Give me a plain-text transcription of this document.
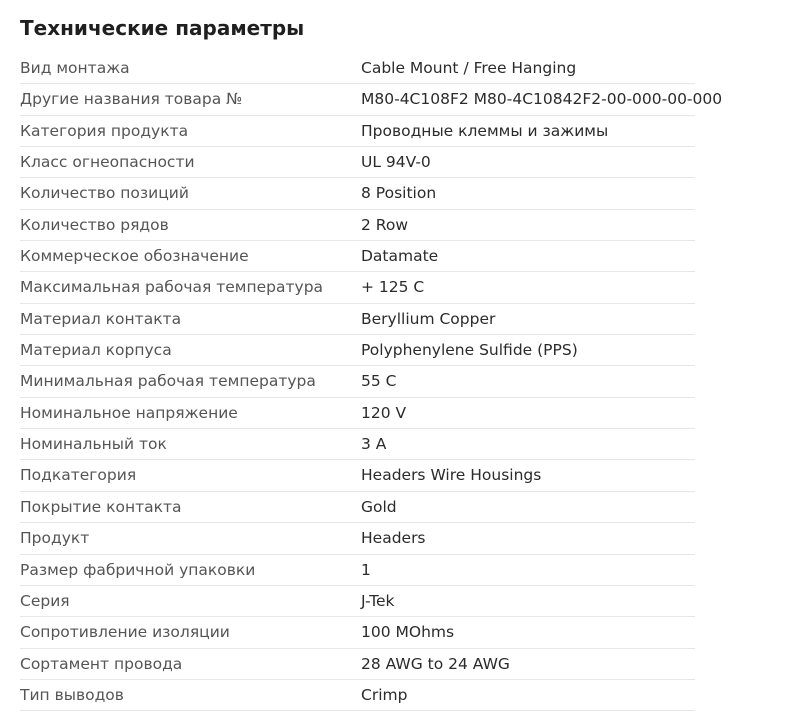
Технические параметры
Вид монтажа	Cable Mount / Free Hanging
Другие названия товара №	M80-4C108F2 M80-4C10842F2-00-000-00-000
Категория продукта	Проводные клеммы и зажимы
Класс огнеопасности	UL 94V-0
Количество позиций	8 Position
Количество рядов	2 Row
Коммерческое обозначение	Datamate
Максимальная рабочая температура + 125 C
Материал контакта	Beryllium Copper
Материал корпуса	Polyphenylene Sulfide (PPS)
Минимальная рабочая температура	55 C
Номинальное напряжение	120 V
Номинальный ток	3 A
Подкатегория	Headers Wire Housings
Покрытие контакта	Gold
Продукт	Headers
Размер фабричной упаковки	1
Серия	J-Tek
Сопротивление изоляции	100 MOhms
Сортамент провода	28 AWG to 24 AWG
Тип выводов	Crimp
